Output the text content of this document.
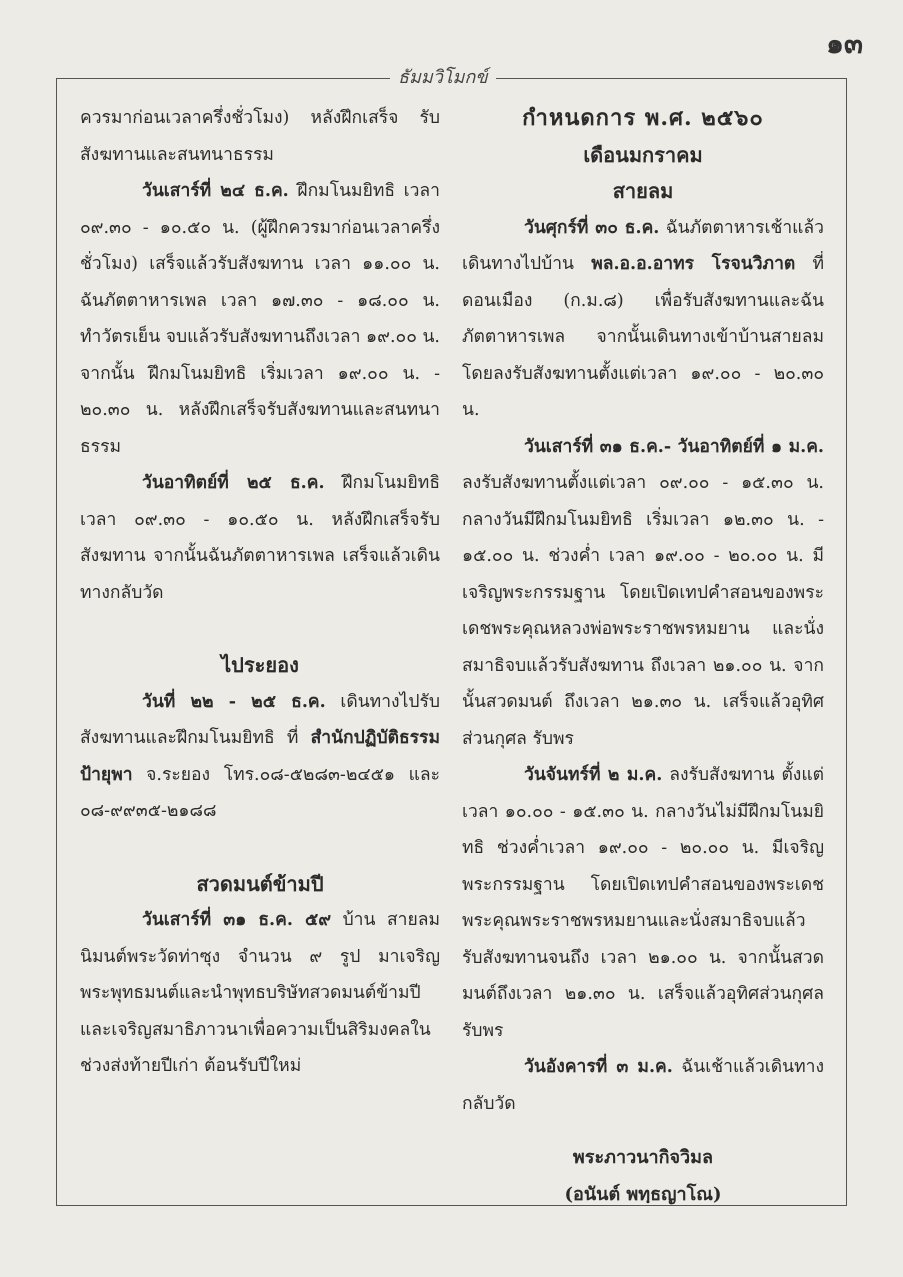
๑๓
ธัมมวิโมกข์

ควรมาก่อนเวลาครึ่งชั่วโมง) หลังฝึกเสร็จ รับสังฆทานและสนทนาธรรม

วันเสาร์ที่ ๒๔ ธ.ค. ฝึกมโนมยิทธิ เวลา ๐๙.๓๐ - ๑๐.๕๐ น. (ผู้ฝึกควรมาก่อนเวลาครึ่งชั่วโมง) เสร็จแล้วรับสังฆทาน เวลา ๑๑.๐๐ น. ฉันภัตตาหารเพล เวลา ๑๗.๓๐ - ๑๘.๐๐ น. ทำวัตรเย็น จบแล้วรับสังฆทานถึงเวลา ๑๙.๐๐ น. จากนั้น ฝึกมโนมยิทธิ เริ่มเวลา ๑๙.๐๐ น. - ๒๐.๓๐ น. หลังฝึกเสร็จรับสังฆทานและสนทนาธรรม

วันอาทิตย์ที่ ๒๕ ธ.ค. ฝึกมโนมยิทธิ เวลา ๐๙.๓๐ - ๑๐.๕๐ น. หลังฝึกเสร็จรับสังฆทาน จากนั้นฉันภัตตาหารเพล เสร็จแล้วเดินทางกลับวัด

ไประยอง

วันที่ ๒๒ - ๒๕ ธ.ค. เดินทางไปรับสังฆทานและฝึกมโนมยิทธิ ที่ สำนักปฏิบัติธรรมป้ายุพา จ.ระยอง โทร.๐๘-๕๒๘๓-๒๔๕๑ และ ๐๘-๙๙๓๕-๒๑๘๘

สวดมนต์ข้ามปี

วันเสาร์ที่ ๓๑ ธ.ค. ๕๙ บ้าน สายลม นิมนต์พระวัดท่าซุง จำนวน ๙ รูป มาเจริญพระพุทธมนต์และนำพุทธบริษัทสวดมนต์ข้ามปี และเจริญสมาธิภาวนาเพื่อความเป็นสิริมงคลในช่วงส่งท้ายปีเก่า ต้อนรับปีใหม่

กำหนดการ พ.ศ. ๒๕๖๐
เดือนมกราคม
สายลม

วันศุกร์ที่ ๓๐ ธ.ค. ฉันภัตตาหารเช้าแล้ว เดินทางไปบ้าน พล.อ.อ.อาทร โรจนวิภาต ที่ดอนเมือง (ก.ม.๘) เพื่อรับสังฆทานและฉันภัตตาหารเพล จากนั้นเดินทางเข้าบ้านสายลม โดยลงรับสังฆทานตั้งแต่เวลา ๑๙.๐๐ - ๒๐.๓๐ น.

วันเสาร์ที่ ๓๑ ธ.ค.- วันอาทิตย์ที่ ๑ ม.ค. ลงรับสังฆทานตั้งแต่เวลา ๐๙.๐๐ - ๑๕.๓๐ น. กลางวันมีฝึกมโนมยิทธิ เริ่มเวลา ๑๒.๓๐ น. - ๑๕.๐๐ น. ช่วงค่ำ เวลา ๑๙.๐๐ - ๒๐.๐๐ น. มีเจริญพระกรรมฐาน โดยเปิดเทปคำสอนของพระเดชพระคุณหลวงพ่อพระราชพรหมยาน และนั่งสมาธิจบแล้วรับสังฆทาน ถึงเวลา ๒๑.๐๐ น. จากนั้นสวดมนต์ ถึงเวลา ๒๑.๓๐ น. เสร็จแล้วอุทิศส่วนกุศล รับพร

วันจันทร์ที่ ๒ ม.ค. ลงรับสังฆทาน ตั้งแต่เวลา ๑๐.๐๐ - ๑๕.๓๐ น. กลางวันไม่มีฝึกมโนมยิทธิ ช่วงค่ำเวลา ๑๙.๐๐ - ๒๐.๐๐ น. มีเจริญพระกรรมฐาน โดยเปิดเทปคำสอนของพระเดชพระคุณพระราชพรหมยานและนั่งสมาธิจบแล้วรับสังฆทานจนถึง เวลา ๒๑.๐๐ น. จากนั้นสวดมนต์ถึงเวลา ๒๑.๓๐ น. เสร็จแล้วอุทิศส่วนกุศล รับพร

วันอังคารที่ ๓ ม.ค. ฉันเช้าแล้วเดินทางกลับวัด

พระภาวนากิจวิมล
(อนันต์ พทฺธญาโณ)
